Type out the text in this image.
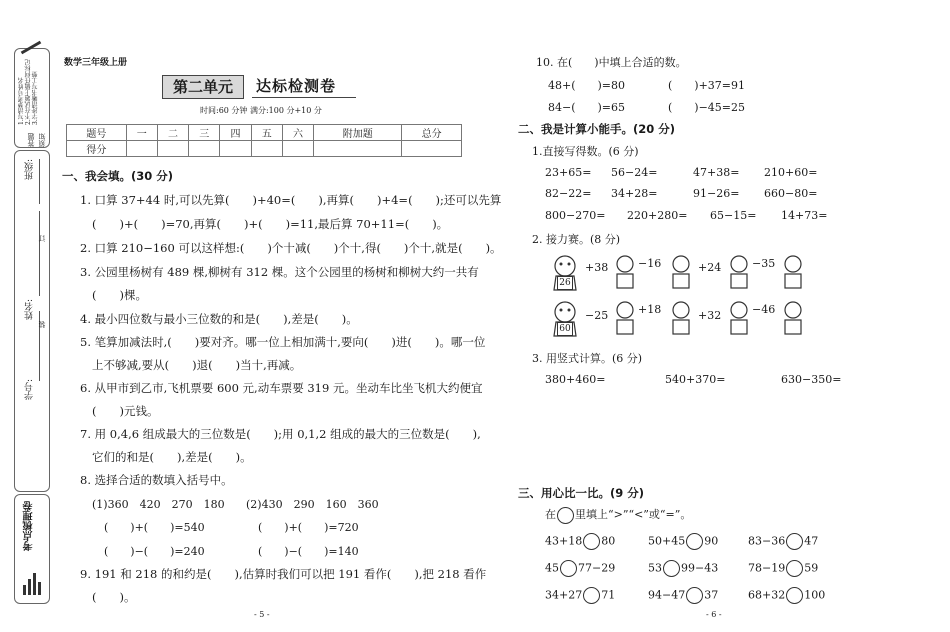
1.写清楚考号姓名
2.不在试题上做任何标记
3.字迹清晰书写工整
答题须知
学号:
装
姓名:
班级:
订
考点梳理卷
数学三年级上册
第二单元	达标检测卷
时间:60 分钟 满分:100 分+10 分
题号	一	二	三	四	五	六	附加题	总分
得分								
一、我会填。(30 分)
1. 口算 37+44 时,可以先算(　　)+40=(　　),再算(　　)+4=(　　);还可以先算
(　　)+(　　)=70,再算(　　)+(　　)=11,最后算 70+11=(　　)。
2. 口算 210−160 可以这样想:(　　)个十减(　　)个十,得(　　)个十,就是(　　)。
3. 公园里杨树有 489 棵,柳树有 312 棵。这个公园里的杨树和柳树大约一共有
(　　)棵。
4. 最小四位数与最小三位数的和是(　　),差是(　　)。
5. 笔算加减法时,(　　)要对齐。哪一位上相加满十,要向(　　)进(　　)。哪一位
上不够减,要从(　　)退(　　)当十,再减。
6. 从甲市到乙市,飞机票要 600 元,动车票要 319 元。坐动车比坐飞机大约便宜
(　　)元钱。
7. 用 0,4,6 组成最大的三位数是(　　);用 0,1,2 组成的最大的三位数是(　　),
它们的和是(　　),差是(　　)。
8. 选择合适的数填入括号中。
(1)360　420　270　180 (2)430　290　160　360
(　　)+(　　)=540	(　　)+(　　)=720
(　　)−(　　)=240	(　　)−(　　)=140
9. 191 和 218 的和约是(　　),估算时我们可以把 191 看作(　　),把 218 看作
(　　)。
- 5 -
10. 在(　　)中填上合适的数。
48+(　　)=80	(　　)+37=91
84−(　　)=65	(　　)−45=25
二、我是计算小能手。(20 分)
1.直接写得数。(6 分)
23+65= 56−24=	47+38= 210+60=
82−22= 34+28=	91−26= 660−80=
800−270= 220+280= 65−15= 14+73=
2. 接力赛。(8 分)
26
+38	−16	+24	−35
60
−25	+18	+32	−46
3. 用竖式计算。(6 分)
380+460=	540+370=	630−350=
三、用心比一比。(9 分)
在 里填上“>”“<”或“=”。
43+18 80	50+45 90	83−36 47
45 77−29	53 99−43	78−19 59
34+27 71	94−47 37	68+32 100
- 6 -
